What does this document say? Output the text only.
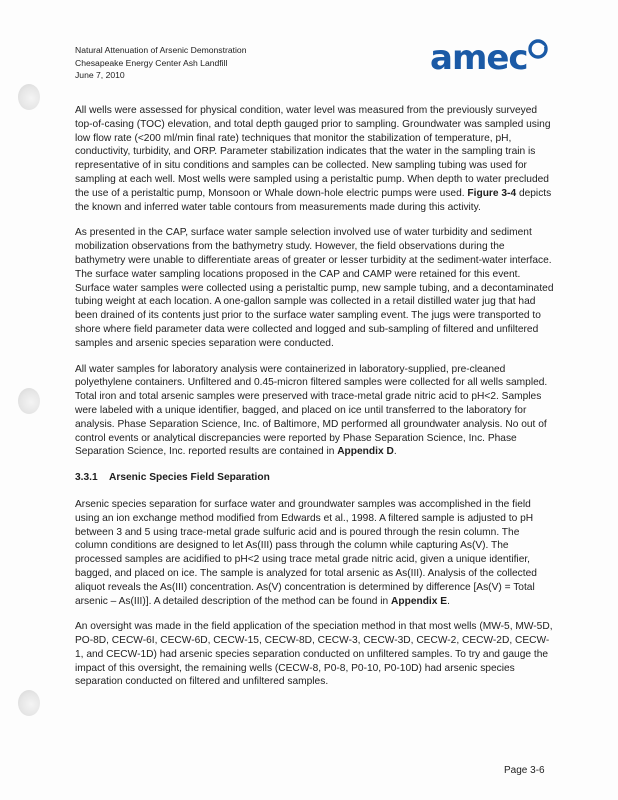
Natural Attenuation of Arsenic Demonstration
Chesapeake Energy Center Ash Landfill
June 7, 2010	amec

All wells were assessed for physical condition, water level was measured from the previously surveyed top-of-casing (TOC) elevation, and total depth gauged prior to sampling. Groundwater was sampled using low flow rate (<200 ml/min final rate) techniques that monitor the stabilization of temperature, pH, conductivity, turbidity, and ORP. Parameter stabilization indicates that the water in the sampling train is representative of in situ conditions and samples can be collected. New sampling tubing was used for sampling at each well. Most wells were sampled using a peristaltic pump. When depth to water precluded the use of a peristaltic pump, Monsoon or Whale down-hole electric pumps were used. Figure 3-4 depicts the known and inferred water table contours from measurements made during this activity.

As presented in the CAP, surface water sample selection involved use of water turbidity and sediment mobilization observations from the bathymetry study. However, the field observations during the bathymetry were unable to differentiate areas of greater or lesser turbidity at the sediment-water interface. The surface water sampling locations proposed in the CAP and CAMP were retained for this event. Surface water samples were collected using a peristaltic pump, new sample tubing, and a decontaminated tubing weight at each location. A one-gallon sample was collected in a retail distilled water jug that had been drained of its contents just prior to the surface water sampling event. The jugs were transported to shore where field parameter data were collected and logged and sub-sampling of filtered and unfiltered samples and arsenic species separation were conducted.

All water samples for laboratory analysis were containerized in laboratory-supplied, pre-cleaned polyethylene containers. Unfiltered and 0.45-micron filtered samples were collected for all wells sampled. Total iron and total arsenic samples were preserved with trace-metal grade nitric acid to pH<2. Samples were labeled with a unique identifier, bagged, and placed on ice until transferred to the laboratory for analysis. Phase Separation Science, Inc. of Baltimore, MD performed all groundwater analysis. No out of control events or analytical discrepancies were reported by Phase Separation Science, Inc. Phase Separation Science, Inc. reported results are contained in Appendix D.

3.3.1 Arsenic Species Field Separation

Arsenic species separation for surface water and groundwater samples was accomplished in the field using an ion exchange method modified from Edwards et al., 1998. A filtered sample is adjusted to pH between 3 and 5 using trace-metal grade sulfuric acid and is poured through the resin column. The column conditions are designed to let As(III) pass through the column while capturing As(V). The processed samples are acidified to pH<2 using trace metal grade nitric acid, given a unique identifier, bagged, and placed on ice. The sample is analyzed for total arsenic as As(III). Analysis of the collected aliquot reveals the As(III) concentration. As(V) concentration is determined by difference [As(V) = Total arsenic – As(III)]. A detailed description of the method can be found in Appendix E.

An oversight was made in the field application of the speciation method in that most wells (MW-5, MW-5D, PO-8D, CECW-6I, CECW-6D, CECW-15, CECW-8D, CECW-3, CECW-3D, CECW-2, CECW-2D, CECW-1, and CECW-1D) had arsenic species separation conducted on unfiltered samples. To try and gauge the impact of this oversight, the remaining wells (CECW-8, P0-8, P0-10, P0-10D) had arsenic species separation conducted on filtered and unfiltered samples.

Page 3-6
